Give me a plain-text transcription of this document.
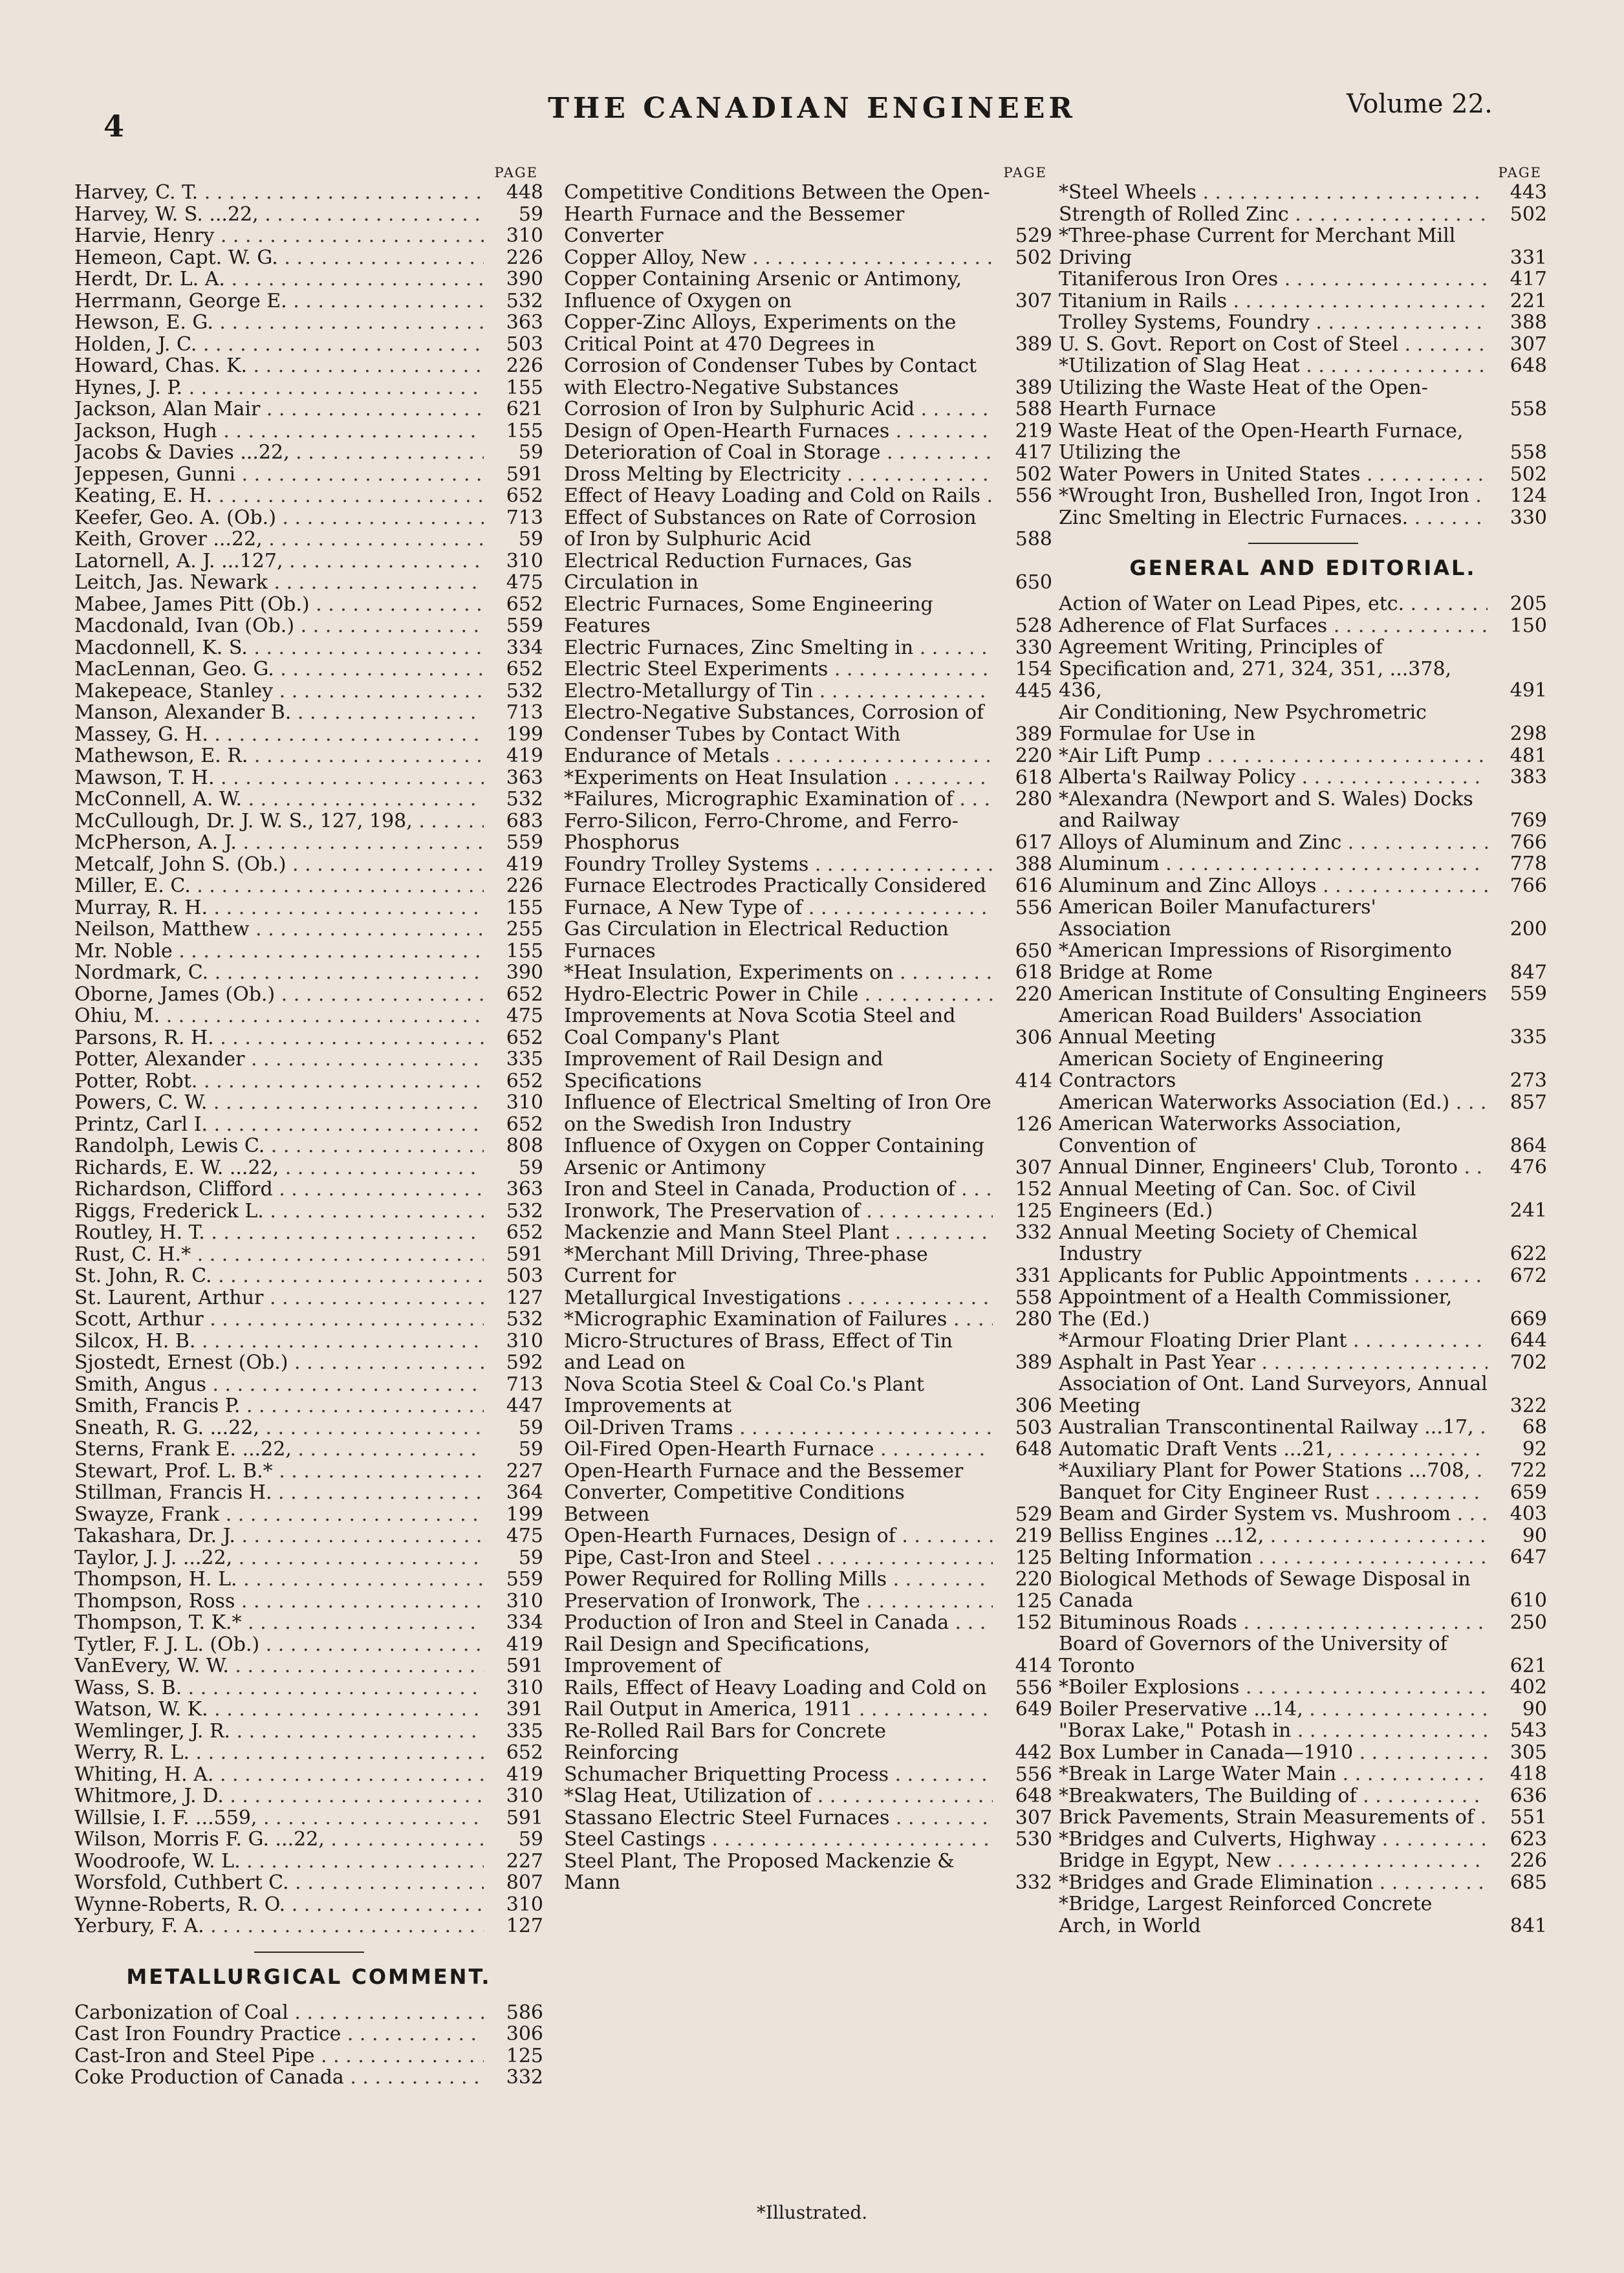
4
THE CANADIAN ENGINEER	Volume 22.
PAGE
Harvey, C. T. . . .	448
Harvey, W. S. ...22, . . .	59
Harvie, Henry . . .	310
Hemeon, Capt. W. G. . . .	226
Herdt, Dr. L. A. . . .	390
Herrmann, George E. . . .	532
Hewson, E. G. . . .	363
Holden, J. C. . . .	503
Howard, Chas. K. . . .	226
Hynes, J. P. . . .	155
Jackson, Alan Mair . . .	621
Jackson, Hugh . . .	155
Jacobs & Davies ...22, . . .	59
Jeppesen, Gunni . . .	591
Keating, E. H. . . .	652
Keefer, Geo. A. (Ob.) . . .	713
Keith, Grover ...22, . . .	59
Latornell, A. J. ...127, . . .	310
Leitch, Jas. Newark . . .	475
Mabee, James Pitt (Ob.) . . .	652
Macdonald, Ivan (Ob.) . . .	559
Macdonnell, K. S. . . .	334
MacLennan, Geo. G. . . .	652
Makepeace, Stanley . . .	532
Manson, Alexander B. . . .	713
Massey, G. H. . . .	199
Mathewson, E. R. . . .	419
Mawson, T. H. . . .	363
McConnell, A. W. . . .	532
McCullough, Dr. J. W. S., 127, 198, . . .	683
McPherson, A. J. . . .	559
Metcalf, John S. (Ob.) . . .	419
Miller, E. C. . . .	226
Murray, R. H. . . .	155
Neilson, Matthew . . .	255
Mr. Noble . . .	155
Nordmark, C. . . .	390
Oborne, James (Ob.) . . .	652
Ohiu, M. . . .	475
Parsons, R. H. . . .	652
Potter, Alexander . . .	335
Potter, Robt. . . .	652
Powers, C. W. . . .	310
Printz, Carl I. . . .	652
Randolph, Lewis C. . . .	808
Richards, E. W. ...22, . . .	59
Richardson, Clifford . . .	363
Riggs, Frederick L. . . .	532
Routley, H. T. . . .	652
Rust, C. H.* . . .	591
St. John, R. C. . . .	503
St. Laurent, Arthur . . .	127
Scott, Arthur . . .	532
Silcox, H. B. . . .	310
Sjostedt, Ernest (Ob.) . . .	592
Smith, Angus . . .	713
Smith, Francis P. . . .	447
Sneath, R. G. ...22, . . .	59
Sterns, Frank E. ...22, . . .	59
Stewart, Prof. L. B.* . . .	227
Stillman, Francis H. . . .	364
Swayze, Frank . . .	199
Takashara, Dr. J. . . .	475
Taylor, J. J. ...22, . . .	59
Thompson, H. L. . . .	559
Thompson, Ross . . .	310
Thompson, T. K.* . . .	334
Tytler, F. J. L. (Ob.) . . .	419
VanEvery, W. W. . . .	591
Wass, S. B. . . .	310
Watson, W. K. . . .	391
Wemlinger, J. R. . . .	335
Werry, R. L. . . .	652
Whiting, H. A. . . .	419
Whitmore, J. D. . . .	310
Willsie, I. F. ...559, . . .	591
Wilson, Morris F. G. ...22, . . .	59
Woodroofe, W. L. . . .	227
Worsfold, Cuthbert C. . . .	807
Wynne-Roberts, R. O. . . .	310
Yerbury, F. A. . . .	127
METALLURGICAL COMMENT.
Carbonization of Coal . . .	586
Cast Iron Foundry Practice . . .	306
Cast-Iron and Steel Pipe . . .	125
Coke Production of Canada . . .	332
PAGE
Competitive Conditions Between the Open-Hearth Furnace and the Bessemer Converter	529
Copper Alloy, New . . .	502
Copper Containing Arsenic or Antimony, Influence of Oxygen on	307
Copper-Zinc Alloys, Experiments on the Critical Point at 470 Degrees in	389
Corrosion of Condenser Tubes by Contact with Electro-Negative Substances	389
Corrosion of Iron by Sulphuric Acid . . .	588
Design of Open-Hearth Furnaces . . .	219
Deterioration of Coal in Storage . . .	417
Dross Melting by Electricity . . .	502
Effect of Heavy Loading and Cold on Rails . . .	556
Effect of Substances on Rate of Corrosion of Iron by Sulphuric Acid	588
Electrical Reduction Furnaces, Gas Circulation in	650
Electric Furnaces, Some Engineering Features	528
Electric Furnaces, Zinc Smelting in . . .	330
Electric Steel Experiments . . .	154
Electro-Metallurgy of Tin . . .	445
Electro-Negative Substances, Corrosion of Condenser Tubes by Contact With	389
Endurance of Metals . . .	220
*Experiments on Heat Insulation . . .	618
*Failures, Micrographic Examination of . . .	280
Ferro-Silicon, Ferro-Chrome, and Ferro-Phosphorus	617
Foundry Trolley Systems . . .	388
Furnace Electrodes Practically Considered . . .	616
Furnace, A New Type of . . .	556
Gas Circulation in Electrical Reduction Furnaces	650
*Heat Insulation, Experiments on . . .	618
Hydro-Electric Power in Chile . . .	220
Improvements at Nova Scotia Steel and Coal Company's Plant	306
Improvement of Rail Design and Specifications	414
Influence of Electrical Smelting of Iron Ore on the Swedish Iron Industry	126
Influence of Oxygen on Copper Containing Arsenic or Antimony	307
Iron and Steel in Canada, Production of . . .	152
Ironwork, The Preservation of . . .	125
Mackenzie and Mann Steel Plant . . .	332
*Merchant Mill Driving, Three-phase Current for	331
Metallurgical Investigations . . .	558
*Micrographic Examination of Failures . . .	280
Micro-Structures of Brass, Effect of Tin and Lead on	389
Nova Scotia Steel & Coal Co.'s Plant Improvements at	306
Oil-Driven Trams . . .	503
Oil-Fired Open-Hearth Furnace . . .	648
Open-Hearth Furnace and the Bessemer Converter, Competitive Conditions Between	529
Open-Hearth Furnaces, Design of . . .	219
Pipe, Cast-Iron and Steel . . .	125
Power Required for Rolling Mills . . .	220
Preservation of Ironwork, The . . .	125
Production of Iron and Steel in Canada . . .	152
Rail Design and Specifications, Improvement of	414
Rails, Effect of Heavy Loading and Cold on	556
Rail Output in America, 1911 . . .	649
Re-Rolled Rail Bars for Concrete Reinforcing	442
Schumacher Briquetting Process . . .	556
*Slag Heat, Utilization of . . .	648
Stassano Electric Steel Furnaces . . .	307
Steel Castings . . .	530
Steel Plant, The Proposed Mackenzie & Mann	332
PAGE
*Steel Wheels . . .	443
Strength of Rolled Zinc . . .	502
*Three-phase Current for Merchant Mill Driving	331
Titaniferous Iron Ores . . .	417
Titanium in Rails . . .	221
Trolley Systems, Foundry . . .	388
U. S. Govt. Report on Cost of Steel . . .	307
*Utilization of Slag Heat . . .	648
Utilizing the Waste Heat of the Open-Hearth Furnace	558
Waste Heat of the Open-Hearth Furnace, Utilizing the	558
Water Powers in United States . . .	502
*Wrought Iron, Bushelled Iron, Ingot Iron . . .	124
Zinc Smelting in Electric Furnaces. . . .	330
GENERAL AND EDITORIAL.
Action of Water on Lead Pipes, etc. . . .	205
Adherence of Flat Surfaces . . .	150
Agreement Writing, Principles of Specification and, 271, 324, 351, ...378, 436,	491
Air Conditioning, New Psychrometric Formulae for Use in	298
*Air Lift Pump . . .	481
Alberta's Railway Policy . . .	383
*Alexandra (Newport and S. Wales) Docks and Railway	769
Alloys of Aluminum and Zinc . . .	766
Aluminum . . .	778
Aluminum and Zinc Alloys . . .	766
American Boiler Manufacturers' Association	200
*American Impressions of Risorgimento Bridge at Rome	847
American Institute of Consulting Engineers	559
American Road Builders' Association Annual Meeting	335
American Society of Engineering Contractors	273
American Waterworks Association (Ed.) . . .	857
American Waterworks Association, Convention of	864
Annual Dinner, Engineers' Club, Toronto . . .	476
Annual Meeting of Can. Soc. of Civil Engineers (Ed.)	241
Annual Meeting Society of Chemical Industry	622
Applicants for Public Appointments . . .	672
Appointment of a Health Commissioner, The (Ed.)	669
*Armour Floating Drier Plant . . .	644
Asphalt in Past Year . . .	702
Association of Ont. Land Surveyors, Annual Meeting	322
Australian Transcontinental Railway ...17, . . .	68
Automatic Draft Vents ...21, . . .	92
*Auxiliary Plant for Power Stations ...708, . . .	722
Banquet for City Engineer Rust . . .	659
Beam and Girder System vs. Mushroom . . .	403
Belliss Engines ...12, . . .	90
Belting Information . . .	647
Biological Methods of Sewage Disposal in Canada	610
Bituminous Roads . . .	250
Board of Governors of the University of Toronto	621
*Boiler Explosions . . .	402
Boiler Preservative ...14, . . .	90
"Borax Lake," Potash in . . .	543
Box Lumber in Canada—1910 . . .	305
*Break in Large Water Main . . .	418
*Breakwaters, The Building of . . .	636
Brick Pavements, Strain Measurements of . . .	551
*Bridges and Culverts, Highway . . .	623
Bridge in Egypt, New . . .	226
*Bridges and Grade Elimination . . .	685
*Bridge, Largest Reinforced Concrete Arch, in World	841
*Illustrated.
